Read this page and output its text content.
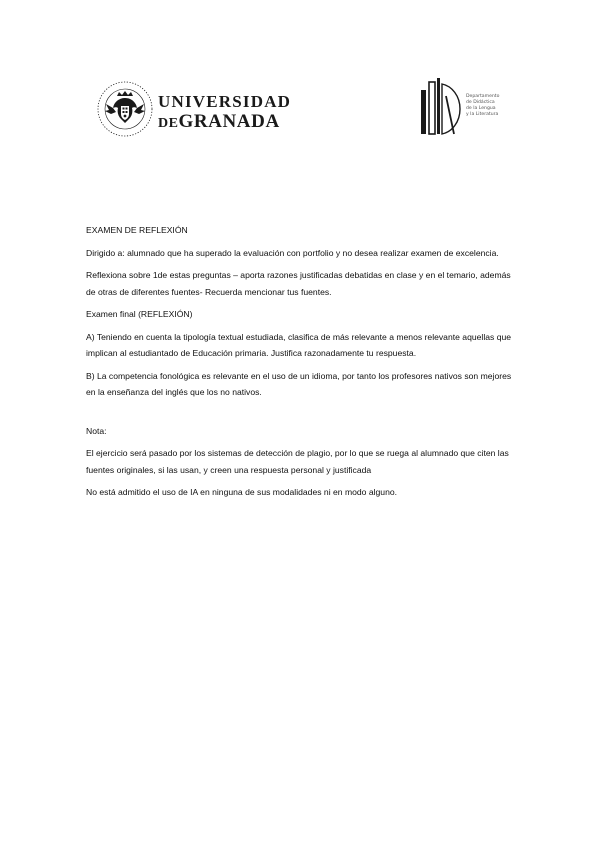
UNIVERSIDAD
DEGRANADA
Departamento
de Didáctica
de la Lengua
y la Literatura

EXAMEN DE REFLEXIÓN

Dirigido a: alumnado que ha superado la evaluación con portfolio y no desea realizar examen de excelencia.

Reflexiona sobre 1de estas preguntas – aporta razones justificadas debatidas en clase y en el temario, además de otras de diferentes fuentes- Recuerda mencionar tus fuentes.

Examen final (REFLEXIÓN)

A) Teniendo en cuenta la tipología textual estudiada, clasifica de más relevante a menos relevante aquellas que implican al estudiantado de Educación primaria. Justifica razonadamente tu respuesta.

B) La competencia fonológica es relevante en el uso de un idioma, por tanto los profesores nativos son mejores en la enseñanza del inglés que los no nativos.

Nota:

El ejercicio será pasado por los sistemas de detección de plagio, por lo que se ruega al alumnado que citen las fuentes originales, si las usan, y creen una respuesta personal y justificada

No está admitido el uso de IA en ninguna de sus modalidades ni en modo alguno.
